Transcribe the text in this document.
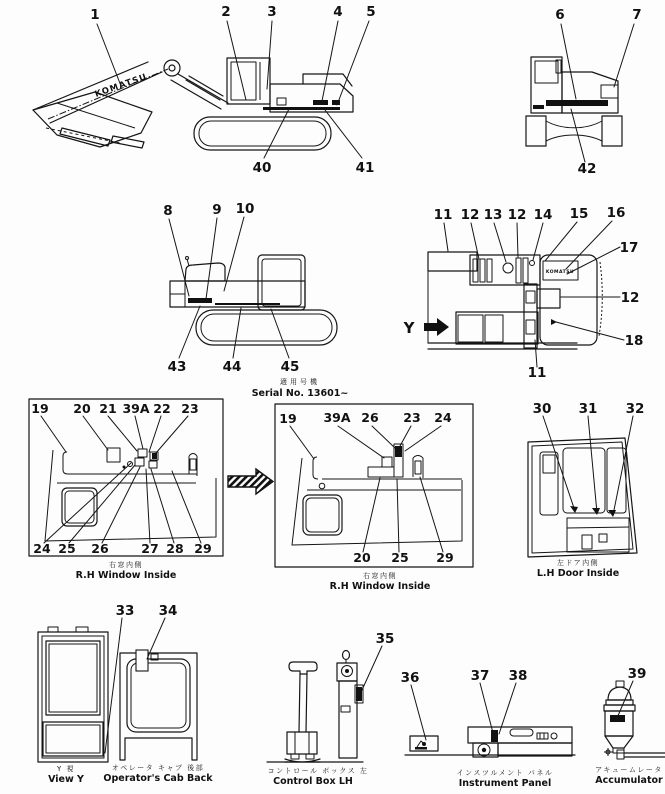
KOMATSU
1	2	3	4 5
40	41
6	7
42
8	9 10
43	44	45
KOMATSU
Y
11 12 13 12 14 15 16
17
12
18
11
適用号機
Serial No. 13601~
19 20 21 39A 22 23
24 25 26	27 28 29
右窓内側
R.H Window Inside
19 39A 26 23 24
20 25 29
右窓内側
R.H Window Inside
30 31 32
左ドア内側
L.H Door Inside
33
Y 視
View Y
34
オペレータ キャブ 後部
Operator's Cab Back
35
コントロール ボックス 左
Control Box LH
36	37 38
インスツルメント パネル
Instrument Panel
39
アキュームレータ
Accumulator
